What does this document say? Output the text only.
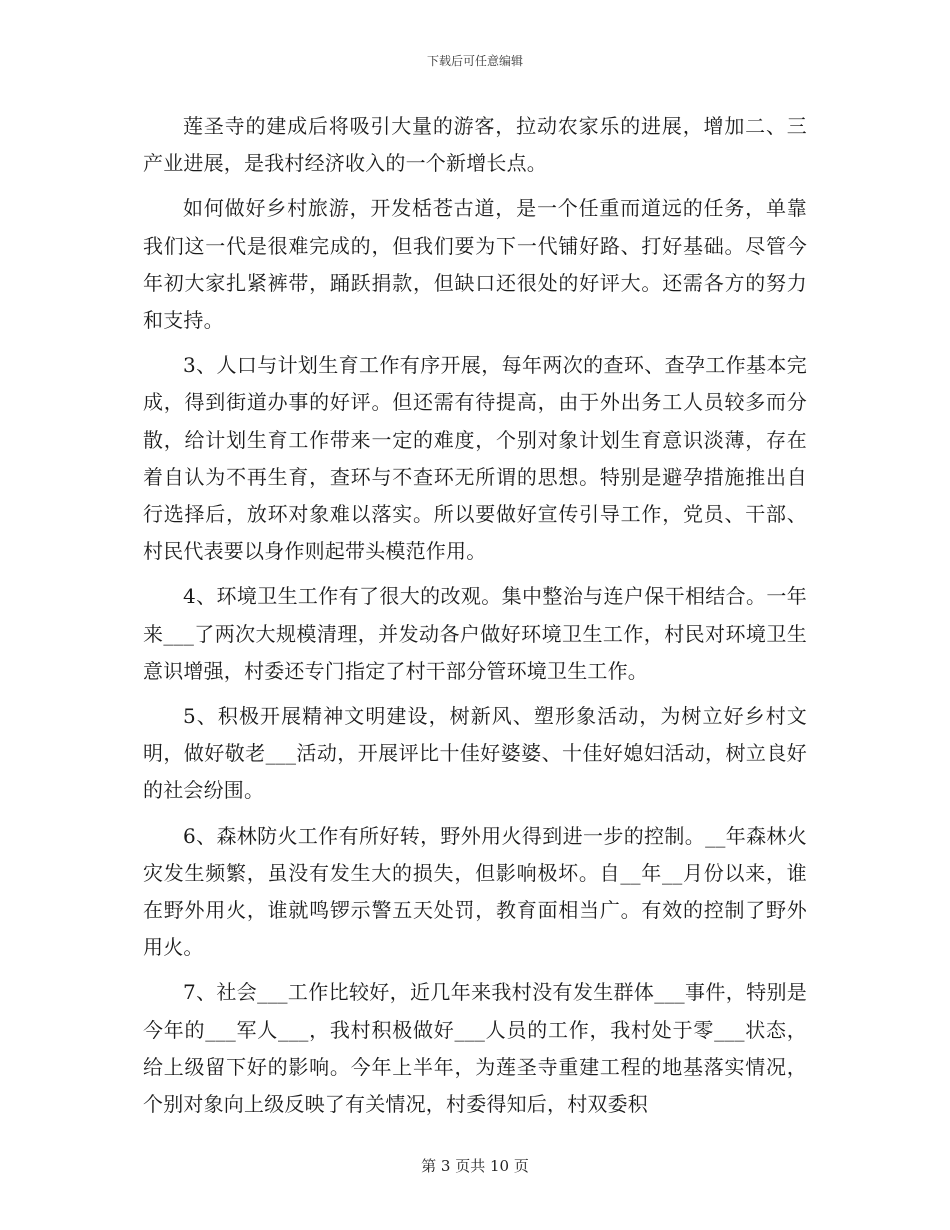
下载后可任意编辑

莲圣寺的建成后将吸引大量的游客，拉动农家乐的进展，增加二、三产业进展，是我村经济收入的一个新增长点。

如何做好乡村旅游，开发栝苍古道，是一个任重而道远的任务，单靠我们这一代是很难完成的，但我们要为下一代铺好路、打好基础。尽管今年初大家扎紧裤带，踊跃捐款，但缺口还很处的好评大。还需各方的努力和支持。

3、人口与计划生育工作有序开展，每年两次的查环、查孕工作基本完成，得到街道办事的好评。但还需有待提高，由于外出务工人员较多而分散，给计划生育工作带来一定的难度，个别对象计划生育意识淡薄，存在着自认为不再生育，查环与不查环无所谓的思想。特别是避孕措施推出自行选择后，放环对象难以落实。所以要做好宣传引导工作，党员、干部、村民代表要以身作则起带头模范作用。

4、环境卫生工作有了很大的改观。集中整治与连户保干相结合。一年来___了两次大规模清理，并发动各户做好环境卫生工作，村民对环境卫生意识增强，村委还专门指定了村干部分管环境卫生工作。

5、积极开展精神文明建设，树新风、塑形象活动，为树立好乡村文明，做好敬老___活动，开展评比十佳好婆婆、十佳好媳妇活动，树立良好的社会纷围。

6、森林防火工作有所好转，野外用火得到进一步的控制。__年森林火灾发生频繁，虽没有发生大的损失，但影响极坏。自__年__月份以来，谁在野外用火，谁就鸣锣示警五天处罚，教育面相当广。有效的控制了野外用火。

7、社会___工作比较好，近几年来我村没有发生群体___事件，特别是今年的___军人___，我村积极做好___人员的工作，我村处于零___状态，给上级留下好的影响。今年上半年，为莲圣寺重建工程的地基落实情况，个别对象向上级反映了有关情况，村委得知后，村双委积

第 3 页共 10 页
